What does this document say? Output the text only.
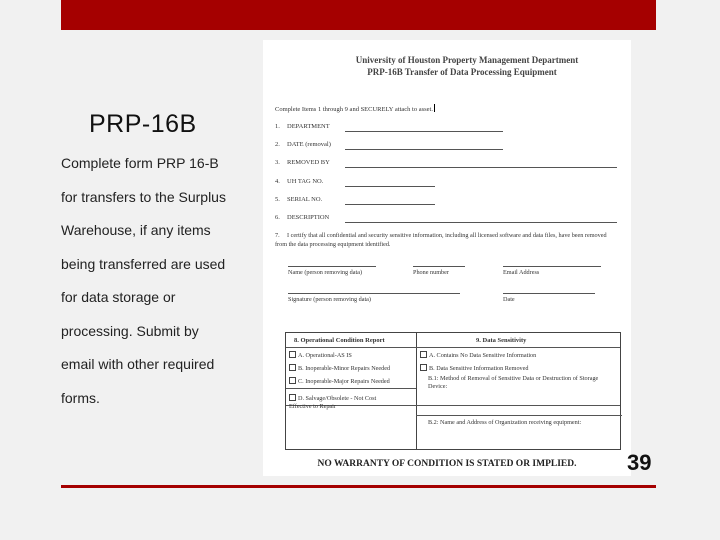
PRP-16B
Complete form PRP 16-B
for transfers to the Surplus
Warehouse, if any items
being transferred are used
for data storage or
processing. Submit by
email with other required
forms.
University of Houston Property Management Department
PRP-16B Transfer of Data Processing Equipment
Complete Items 1 through 9 and SECURELY attach to asset.
1. DEPARTMENT
2. DATE (removal)
3. REMOVED BY
4. UH TAG NO.
5. SERIAL NO.
6. DESCRIPTION
7. I certify that all confidential and security sensitive information, including all licensed software and data files, have been removed from the data processing equipment identified.
Name (person removing data)	Phone number	Email Address
Signature (person removing data)	Date
8. Operational Condition Report	9. Data Sensitivity
A. Operational-AS IS
B. Inoperable-Minor Repairs Needed
C. Inoperable-Major Repairs Needed
D. Salvage/Obsolete - Not Cost Effective to Repair
A. Contains No Data Sensitive Information
B. Data Sensitive Information Removed
B.1: Method of Removal of Sensitive Data or Destruction of Storage Device:
B.2: Name and Address of Organization receiving equipment:
NO WARRANTY OF CONDITION IS STATED OR IMPLIED.	39
